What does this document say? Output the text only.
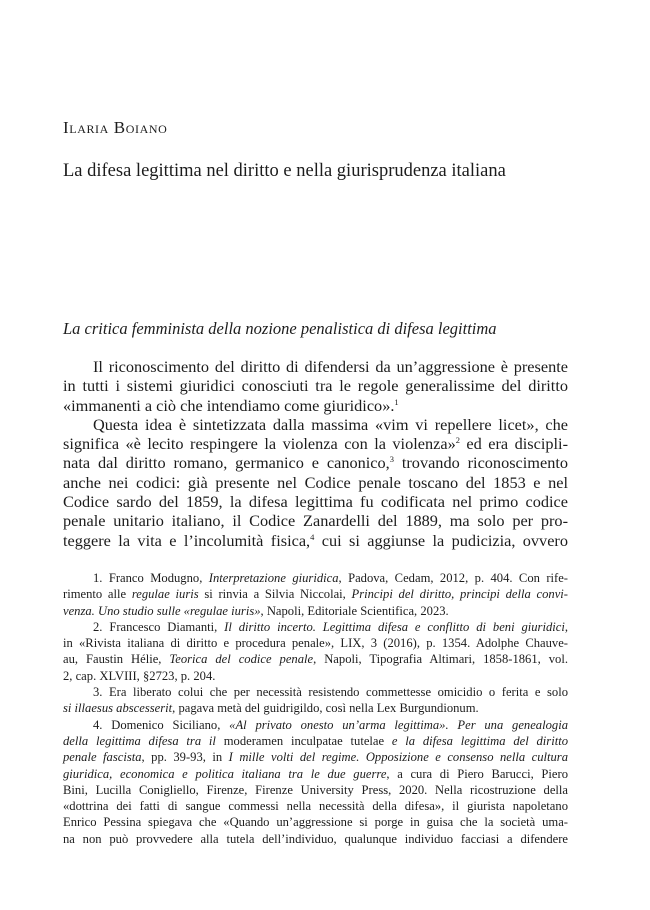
Ilaria Boiano
La difesa legittima nel diritto e nella giurisprudenza italiana
La critica femminista della nozione penalistica di difesa legittima
Il riconoscimento del diritto di difendersi da un’aggressione è presente
in tutti i sistemi giuridici conosciuti tra le regole generalissime del diritto
«immanenti a ciò che intendiamo come giuridico».$^1$
Questa idea è sintetizzata dalla massima «vim vi repellere licet», che
significa «è lecito respingere la violenza con la violenza»$^2$ ed era discipli-
nata dal diritto romano, germanico e canonico,$^3$ trovando riconoscimento
anche nei codici: già presente nel Codice penale toscano del 1853 e nel
Codice sardo del 1859, la difesa legittima fu codificata nel primo codice
penale unitario italiano, il Codice Zanardelli del 1889, ma solo per pro-
teggere la vita e l’incolumità fisica,$^4$ cui si aggiunse la pudicizia, ovvero
1. Franco Modugno, Interpretazione giuridica, Padova, Cedam, 2012, p. 404. Con rife-
rimento alle regulae iuris si rinvia a Silvia Niccolai, Principi del diritto, principi della convi-
venza. Uno studio sulle «regulae iuris», Napoli, Editoriale Scientifica, 2023.
2. Francesco Diamanti, Il diritto incerto. Legittima difesa e conflitto di beni giuridici,
in «Rivista italiana di diritto e procedura penale», LIX, 3 (2016), p. 1354. Adolphe Chauve-
au, Faustin Hélie, Teorica del codice penale, Napoli, Tipografia Altimari, 1858-1861, vol.
2, cap. XLVIII, §2723, p. 204.
3. Era liberato colui che per necessità resistendo commettesse omicidio o ferita e solo
si illaesus abscesserit, pagava metà del guidrigildo, così nella Lex Burgundionum.
4. Domenico Siciliano, «Al privato onesto un’arma legittima». Per una genealogia
della legittima difesa tra il moderamen inculpatae tutelae e la difesa legittima del diritto
penale fascista, pp. 39-93, in I mille volti del regime. Opposizione e consenso nella cultura
giuridica, economica e politica italiana tra le due guerre, a cura di Piero Barucci, Piero
Bini, Lucilla Conigliello, Firenze, Firenze University Press, 2020. Nella ricostruzione della
«dottrina dei fatti di sangue commessi nella necessità della difesa», il giurista napoletano
Enrico Pessina spiegava che «Quando un’aggressione si porge in guisa che la società uma-
na non può provvedere alla tutela dell’individuo, qualunque individuo facciasi a difendere
